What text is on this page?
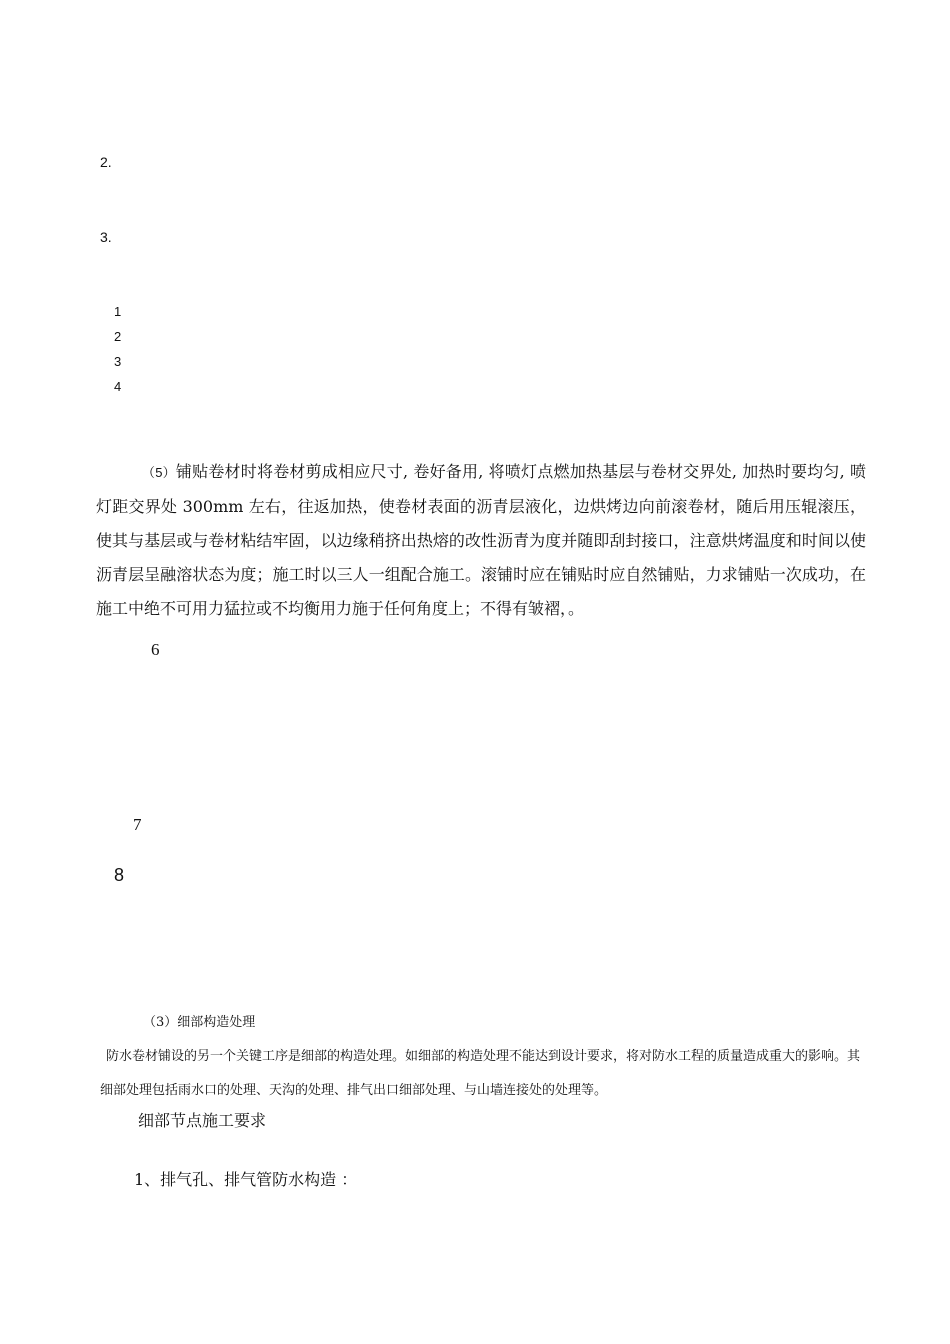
2.
3.
1
2
3
4
（5）铺贴卷材时将卷材剪成相应尺寸, 卷好备用, 将喷灯点燃加热基层与卷材交界处, 加热时要均匀, 喷灯距交界处 300mm 左右，往返加热，使卷材表面的沥青层液化，边烘烤边向前滚卷材，随后用压辊滚压，使其与基层或与卷材粘结牢固，以边缘稍挤出热熔的改性沥青为度并随即刮封接口，注意烘烤温度和时间以使沥青层呈融溶状态为度；施工时以三人一组配合施工。滚铺时应在铺贴时应自然铺贴，力求铺贴一次成功，在施工中绝不可用力猛拉或不均衡用力施于任何角度上；不得有皱褶，。
6
7
8
（3）细部构造处理
防水卷材铺设的另一个关键工序是细部的构造处理。如细部的构造处理不能达到设计要求，将对防水工程的质量造成重大的影响。其细部处理包括雨水口的处理、天沟的处理、排气出口细部处理、与山墙连接处的处理等。
细部节点施工要求
1、排气孔、排气管防水构造 ：
